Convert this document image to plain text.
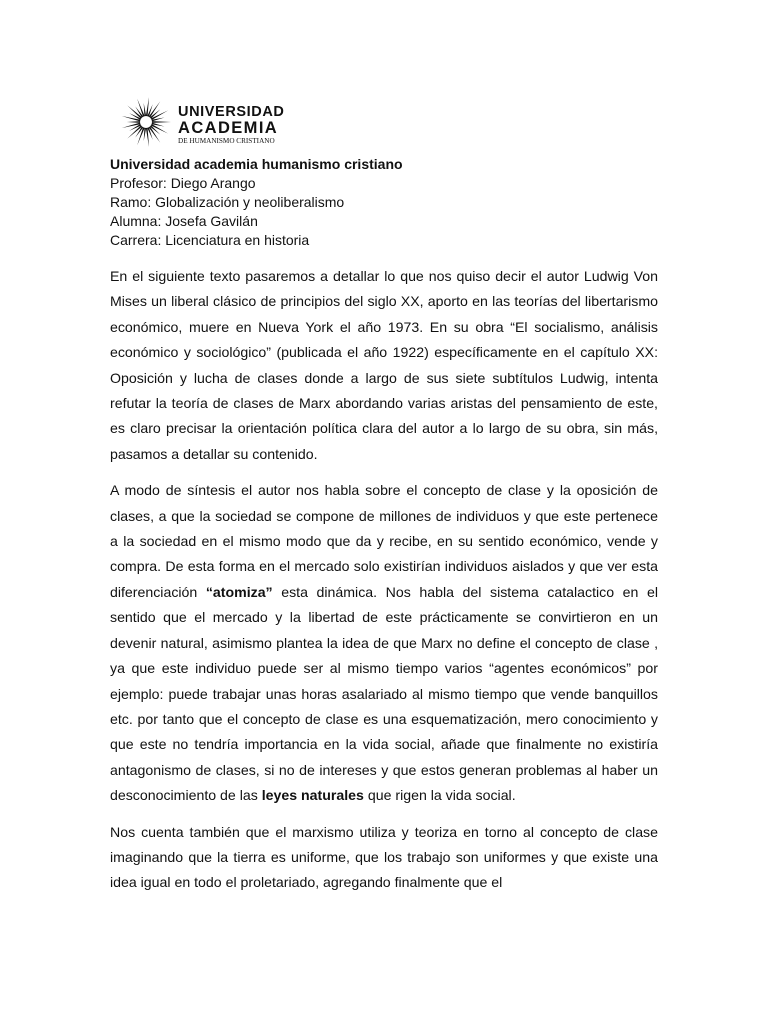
UNIVERSIDAD
ACADEMIA
DE HUMANISMO CRISTIANO
Universidad academia humanismo cristiano
Profesor: Diego Arango
Ramo: Globalización y neoliberalismo
Alumna: Josefa Gavilán
Carrera: Licenciatura en historia

En el siguiente texto pasaremos a detallar lo que nos quiso decir el autor Ludwig Von Mises un liberal clásico de principios del siglo XX, aporto en las teorías del libertarismo económico, muere en Nueva York el año 1973. En su obra “El socialismo, análisis económico y sociológico” (publicada el año 1922) específicamente en el capítulo XX: Oposición y lucha de clases donde a largo de sus siete subtítulos Ludwig, intenta refutar la teoría de clases de Marx abordando varias aristas del pensamiento de este, es claro precisar la orientación política clara del autor a lo largo de su obra, sin más, pasamos a detallar su contenido.

A modo de síntesis el autor nos habla sobre el concepto de clase y la oposición de clases, a que la sociedad se compone de millones de individuos y que este pertenece a la sociedad en el mismo modo que da y recibe, en su sentido económico, vende y compra. De esta forma en el mercado solo existirían individuos aislados y que ver esta diferenciación “atomiza” esta dinámica. Nos habla del sistema catalactico en el sentido que el mercado y la libertad de este prácticamente se convirtieron en un devenir natural, asimismo plantea la idea de que Marx no define el concepto de clase , ya que este individuo puede ser al mismo tiempo varios “agentes económicos” por ejemplo: puede trabajar unas horas asalariado al mismo tiempo que vende banquillos etc. por tanto que el concepto de clase es una esquematización, mero conocimiento y que este no tendría importancia en la vida social, añade que finalmente no existiría antagonismo de clases, si no de intereses y que estos generan problemas al haber un desconocimiento de las leyes naturales que rigen la vida social.

Nos cuenta también que el marxismo utiliza y teoriza en torno al concepto de clase imaginando que la tierra es uniforme, que los trabajo son uniformes y que existe una idea igual en todo el proletariado, agregando finalmente que el
